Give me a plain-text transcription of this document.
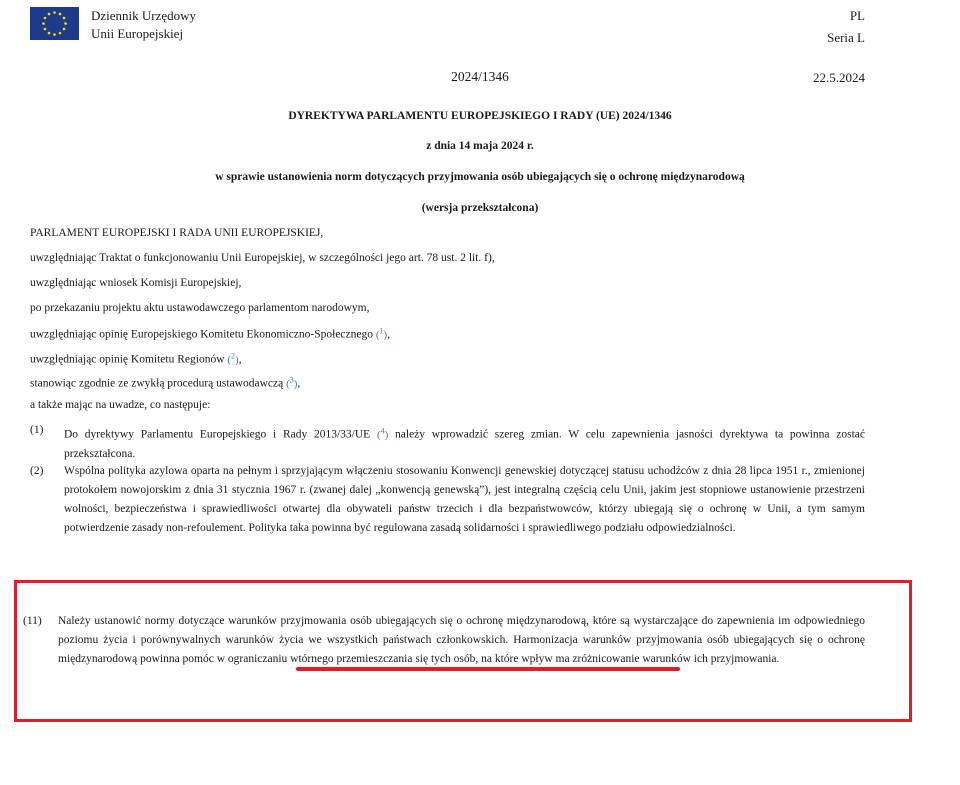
Dziennik Urzędowy
Unii Europejskiej
PL
Seria L
2024/1346	22.5.2024
DYREKTYWA PARLAMENTU EUROPEJSKIEGO I RADY (UE) 2024/1346
z dnia 14 maja 2024 r.
w sprawie ustanowienia norm dotyczących przyjmowania osób ubiegających się o ochronę międzynarodową
(wersja przekształcona)
PARLAMENT EUROPEJSKI I RADA UNII EUROPEJSKIEJ,
uwzględniając Traktat o funkcjonowaniu Unii Europejskiej, w szczególności jego art. 78 ust. 2 lit. f),
uwzględniając wniosek Komisji Europejskiej,
po przekazaniu projektu aktu ustawodawczego parlamentom narodowym,
uwzględniając opinię Europejskiego Komitetu Ekonomiczno-Społecznego ($^1$),
uwzględniając opinię Komitetu Regionów ($^2$),
stanowiąc zgodnie ze zwykłą procedurą ustawodawczą ($^3$),
a także mając na uwadze, co następuje:
(1) Do dyrektywy Parlamentu Europejskiego i Rady 2013/33/UE ($^4$) należy wprowadzić szereg zmian. W celu zapewnienia jasności dyrektywa ta powinna zostać przekształcona.
(2) Wspólna polityka azylowa oparta na pełnym i sprzyjającym włączeniu stosowaniu Konwencji genewskiej dotyczącej statusu uchodźców z dnia 28 lipca 1951 r., zmienionej protokołem nowojorskim z dnia 31 stycznia 1967 r. (zwanej dalej „konwencją genewską”), jest integralną częścią celu Unii, jakim jest stopniowe ustanowienie przestrzeni wolności, bezpieczeństwa i sprawiedliwości otwartej dla obywateli państw trzecich i dla bezpaństwowców, którzy ubiegają się o ochronę w Unii, a tym samym potwierdzenie zasady non-refoulement. Polityka taka powinna być regulowana zasadą solidarności i sprawiedliwego podziału odpowiedzialności.
(11) Należy ustanowić normy dotyczące warunków przyjmowania osób ubiegających się o ochronę międzynarodową, które są wystarczające do zapewnienia im odpowiedniego poziomu życia i porównywalnych warunków życia we wszystkich państwach członkowskich. Harmonizacja warunków przyjmowania osób ubiegających się o ochronę międzynarodową powinna pomóc w ograniczaniu wtórnego przemieszczania się tych osób, na które wpływ ma zróżnicowanie warunków ich przyjmowania.
